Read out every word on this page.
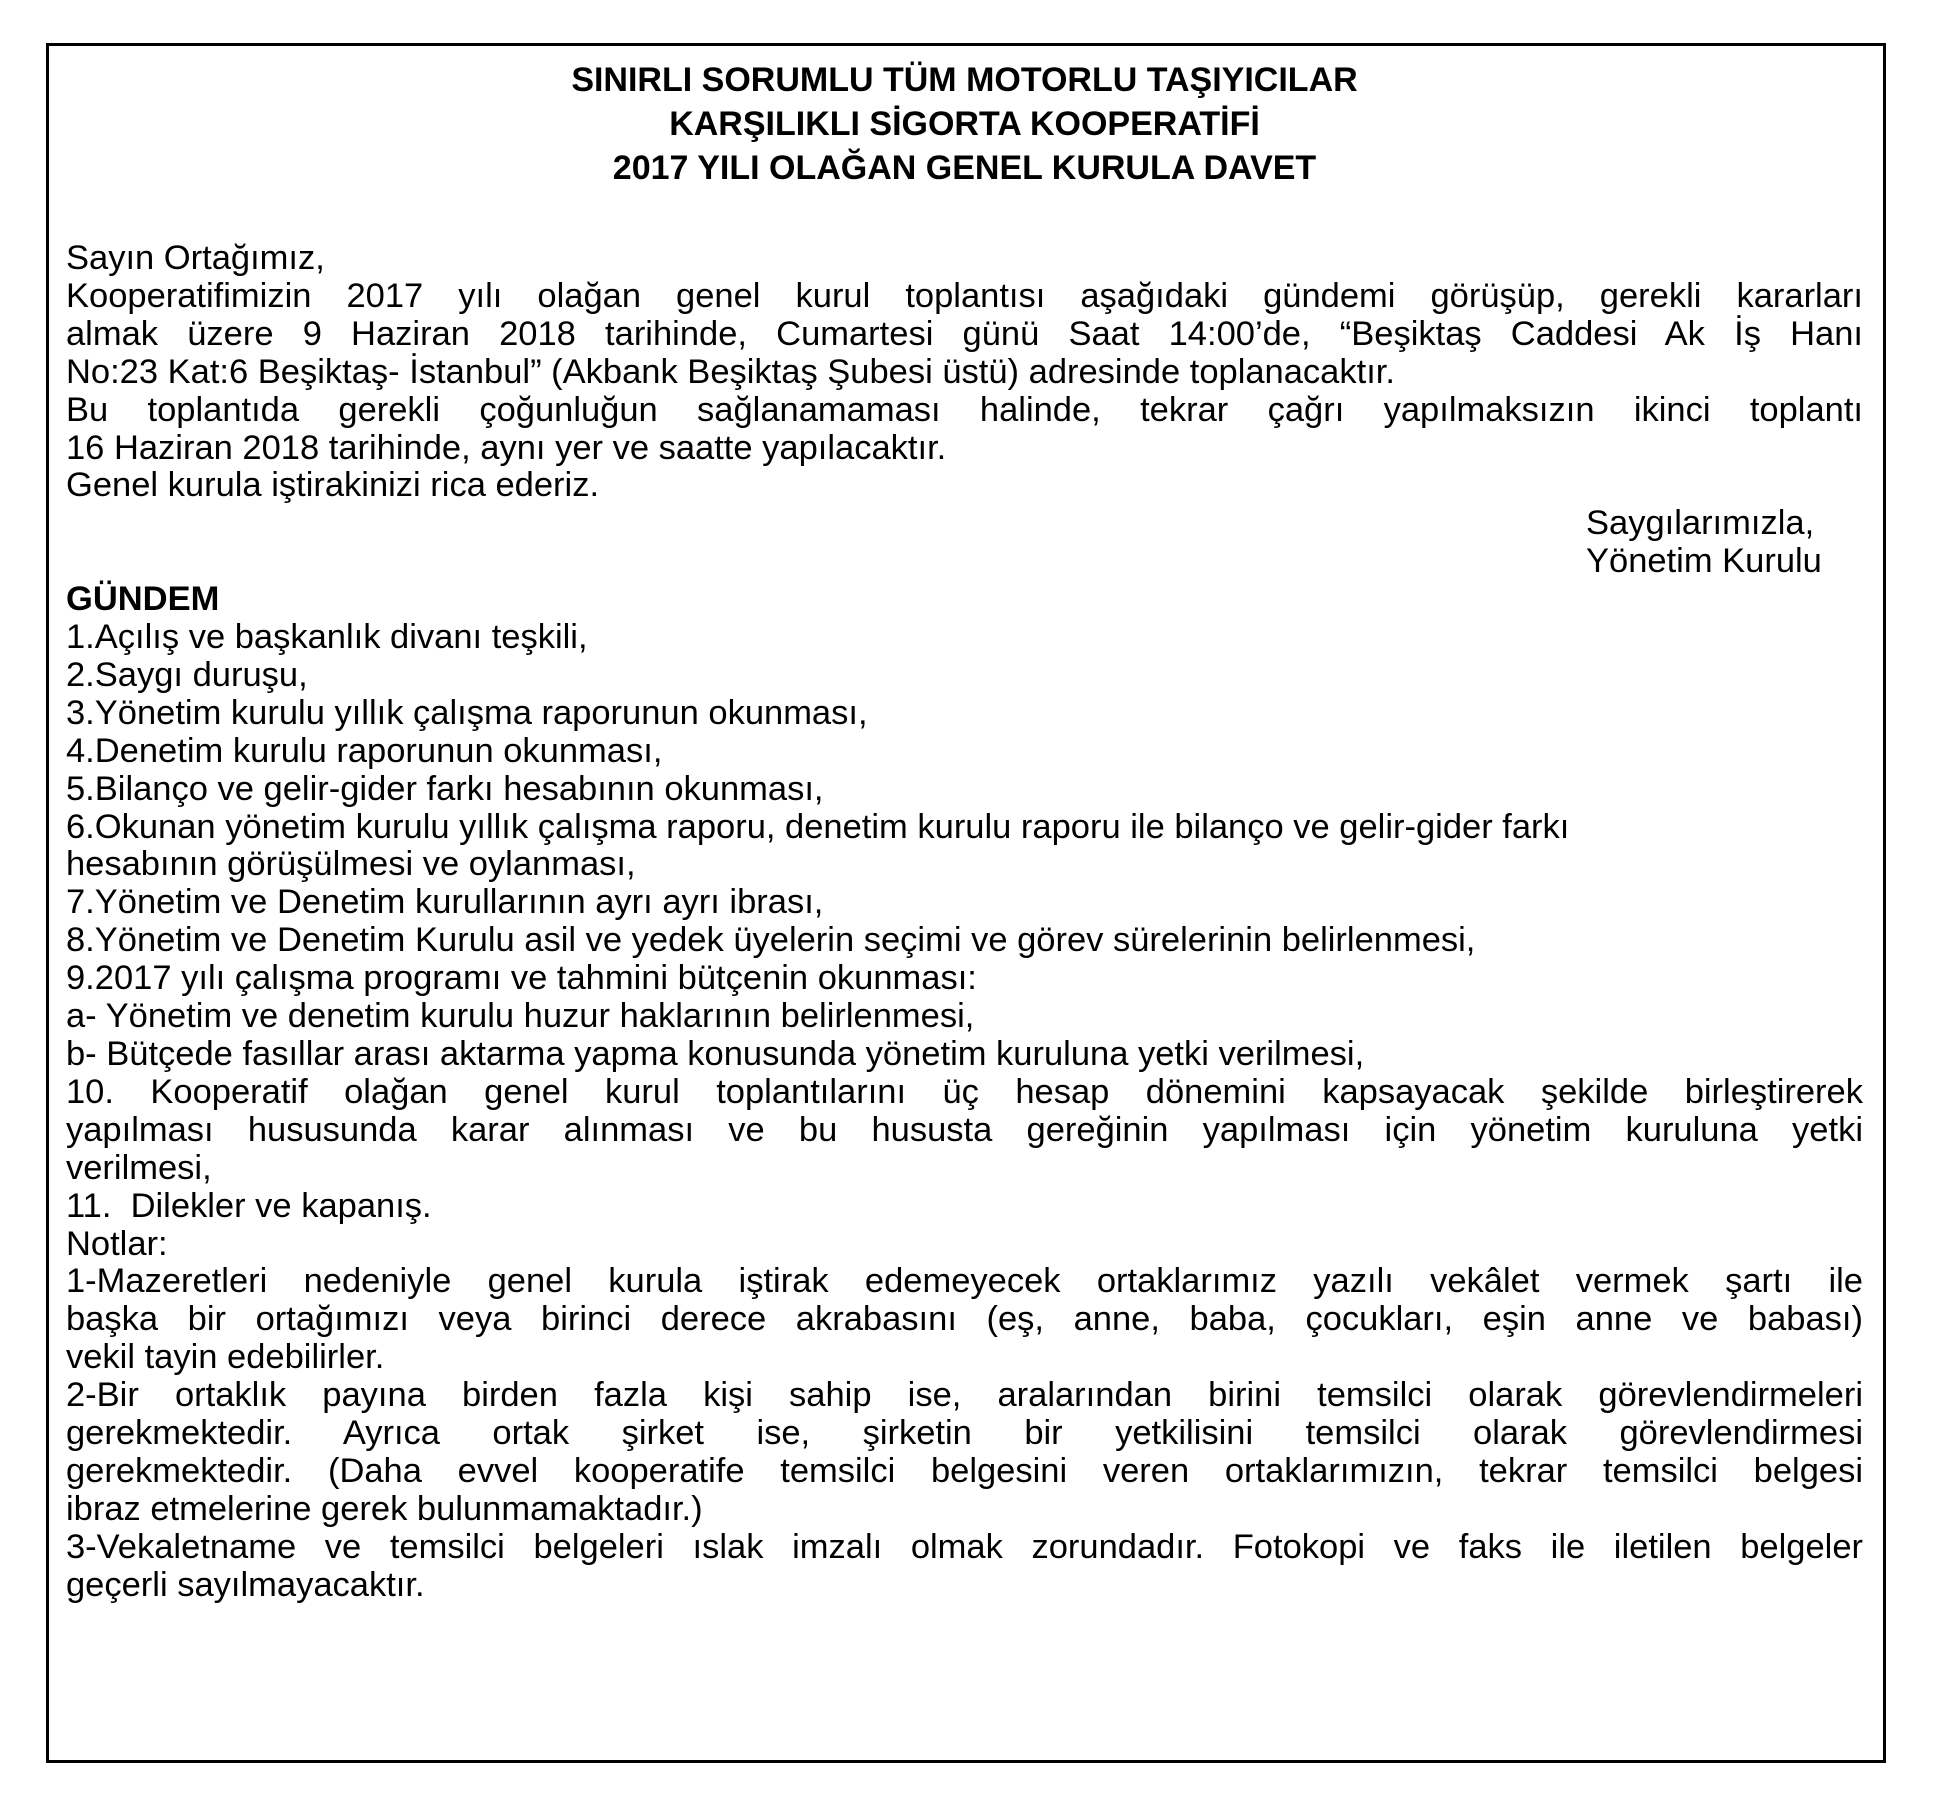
SINIRLI SORUMLU TÜM MOTORLU TAŞIYICILAR
KARŞILIKLI SİGORTA KOOPERATİFİ
2017 YILI OLAĞAN GENEL KURULA DAVET
Sayın Ortağımız,
Kooperatifimizin 2017 yılı olağan genel kurul toplantısı aşağıdaki gündemi görüşüp, gerekli kararları
almak üzere 9 Haziran 2018 tarihinde, Cumartesi günü Saat 14:00’de, “Beşiktaş Caddesi Ak İş Hanı
No:23 Kat:6 Beşiktaş- İstanbul” (Akbank Beşiktaş Şubesi üstü) adresinde toplanacaktır.
Bu toplantıda gerekli çoğunluğun sağlanamaması halinde, tekrar çağrı yapılmaksızın ikinci toplantı
16 Haziran 2018 tarihinde, aynı yer ve saatte yapılacaktır.
Genel kurula iştirakinizi rica ederiz.
Saygılarımızla,
Yönetim Kurulu
GÜNDEM
1.Açılış ve başkanlık divanı teşkili,
2.Saygı duruşu,
3.Yönetim kurulu yıllık çalışma raporunun okunması,
4.Denetim kurulu raporunun okunması,
5.Bilanço ve gelir-gider farkı hesabının okunması,
6.Okunan yönetim kurulu yıllık çalışma raporu, denetim kurulu raporu ile bilanço ve gelir-gider farkı
hesabının görüşülmesi ve oylanması,
7.Yönetim ve Denetim kurullarının ayrı ayrı ibrası,
8.Yönetim ve Denetim Kurulu asil ve yedek üyelerin seçimi ve görev sürelerinin belirlenmesi,
9.2017 yılı çalışma programı ve tahmini bütçenin okunması:
a- Yönetim ve denetim kurulu huzur haklarının belirlenmesi,
b- Bütçede fasıllar arası aktarma yapma konusunda yönetim kuruluna yetki verilmesi,
10. Kooperatif olağan genel kurul toplantılarını üç hesap dönemini kapsayacak şekilde birleştirerek
yapılması hususunda karar alınması ve bu hususta gereğinin yapılması için yönetim kuruluna yetki
verilmesi,
11.  Dilekler ve kapanış.
Notlar:
1-Mazeretleri nedeniyle genel kurula iştirak edemeyecek ortaklarımız yazılı vekâlet vermek şartı ile
başka bir ortağımızı veya birinci derece akrabasını (eş, anne, baba, çocukları, eşin anne ve babası)
vekil tayin edebilirler.
2-Bir ortaklık payına birden fazla kişi sahip ise, aralarından birini temsilci olarak görevlendirmeleri
gerekmektedir. Ayrıca ortak şirket ise, şirketin bir yetkilisini temsilci olarak görevlendirmesi
gerekmektedir. (Daha evvel kooperatife temsilci belgesini veren ortaklarımızın, tekrar temsilci belgesi
ibraz etmelerine gerek bulunmamaktadır.)
3-Vekaletname ve temsilci belgeleri ıslak imzalı olmak zorundadır. Fotokopi ve faks ile iletilen belgeler
geçerli sayılmayacaktır.
